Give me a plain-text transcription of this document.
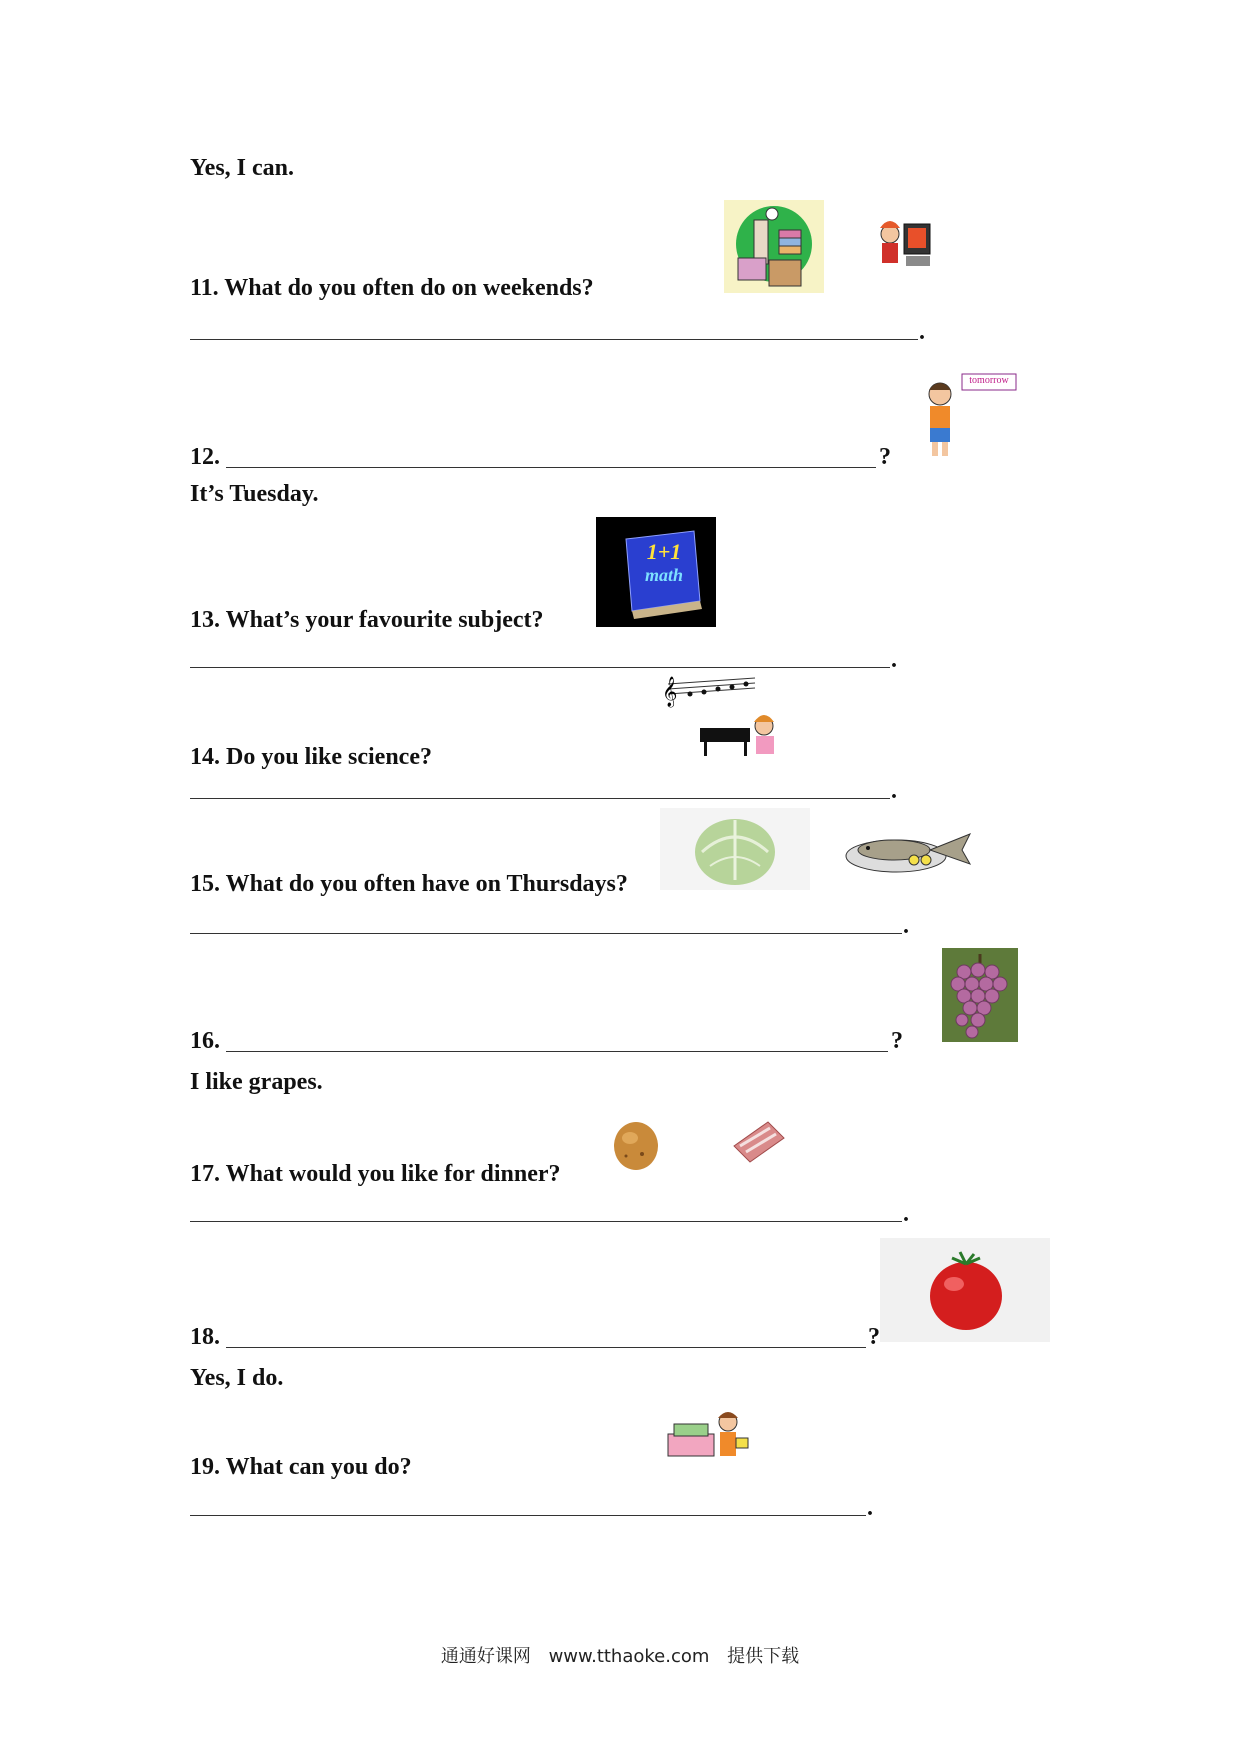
Yes, I can.
11. What do you often do on weekends?
.
tomorrow
12.	?
It’s Tuesday.
1+1
math
13. What’s your favourite subject?
.
𝄞
14. Do you like science?
.
15. What do you often have on Thursdays?
.
16.	?
I like grapes.
17. What would you like for dinner?
.
18.	?
Yes, I do.
19. What can you do?
.
通通好课网 www.tthaoke.com 提供下载
